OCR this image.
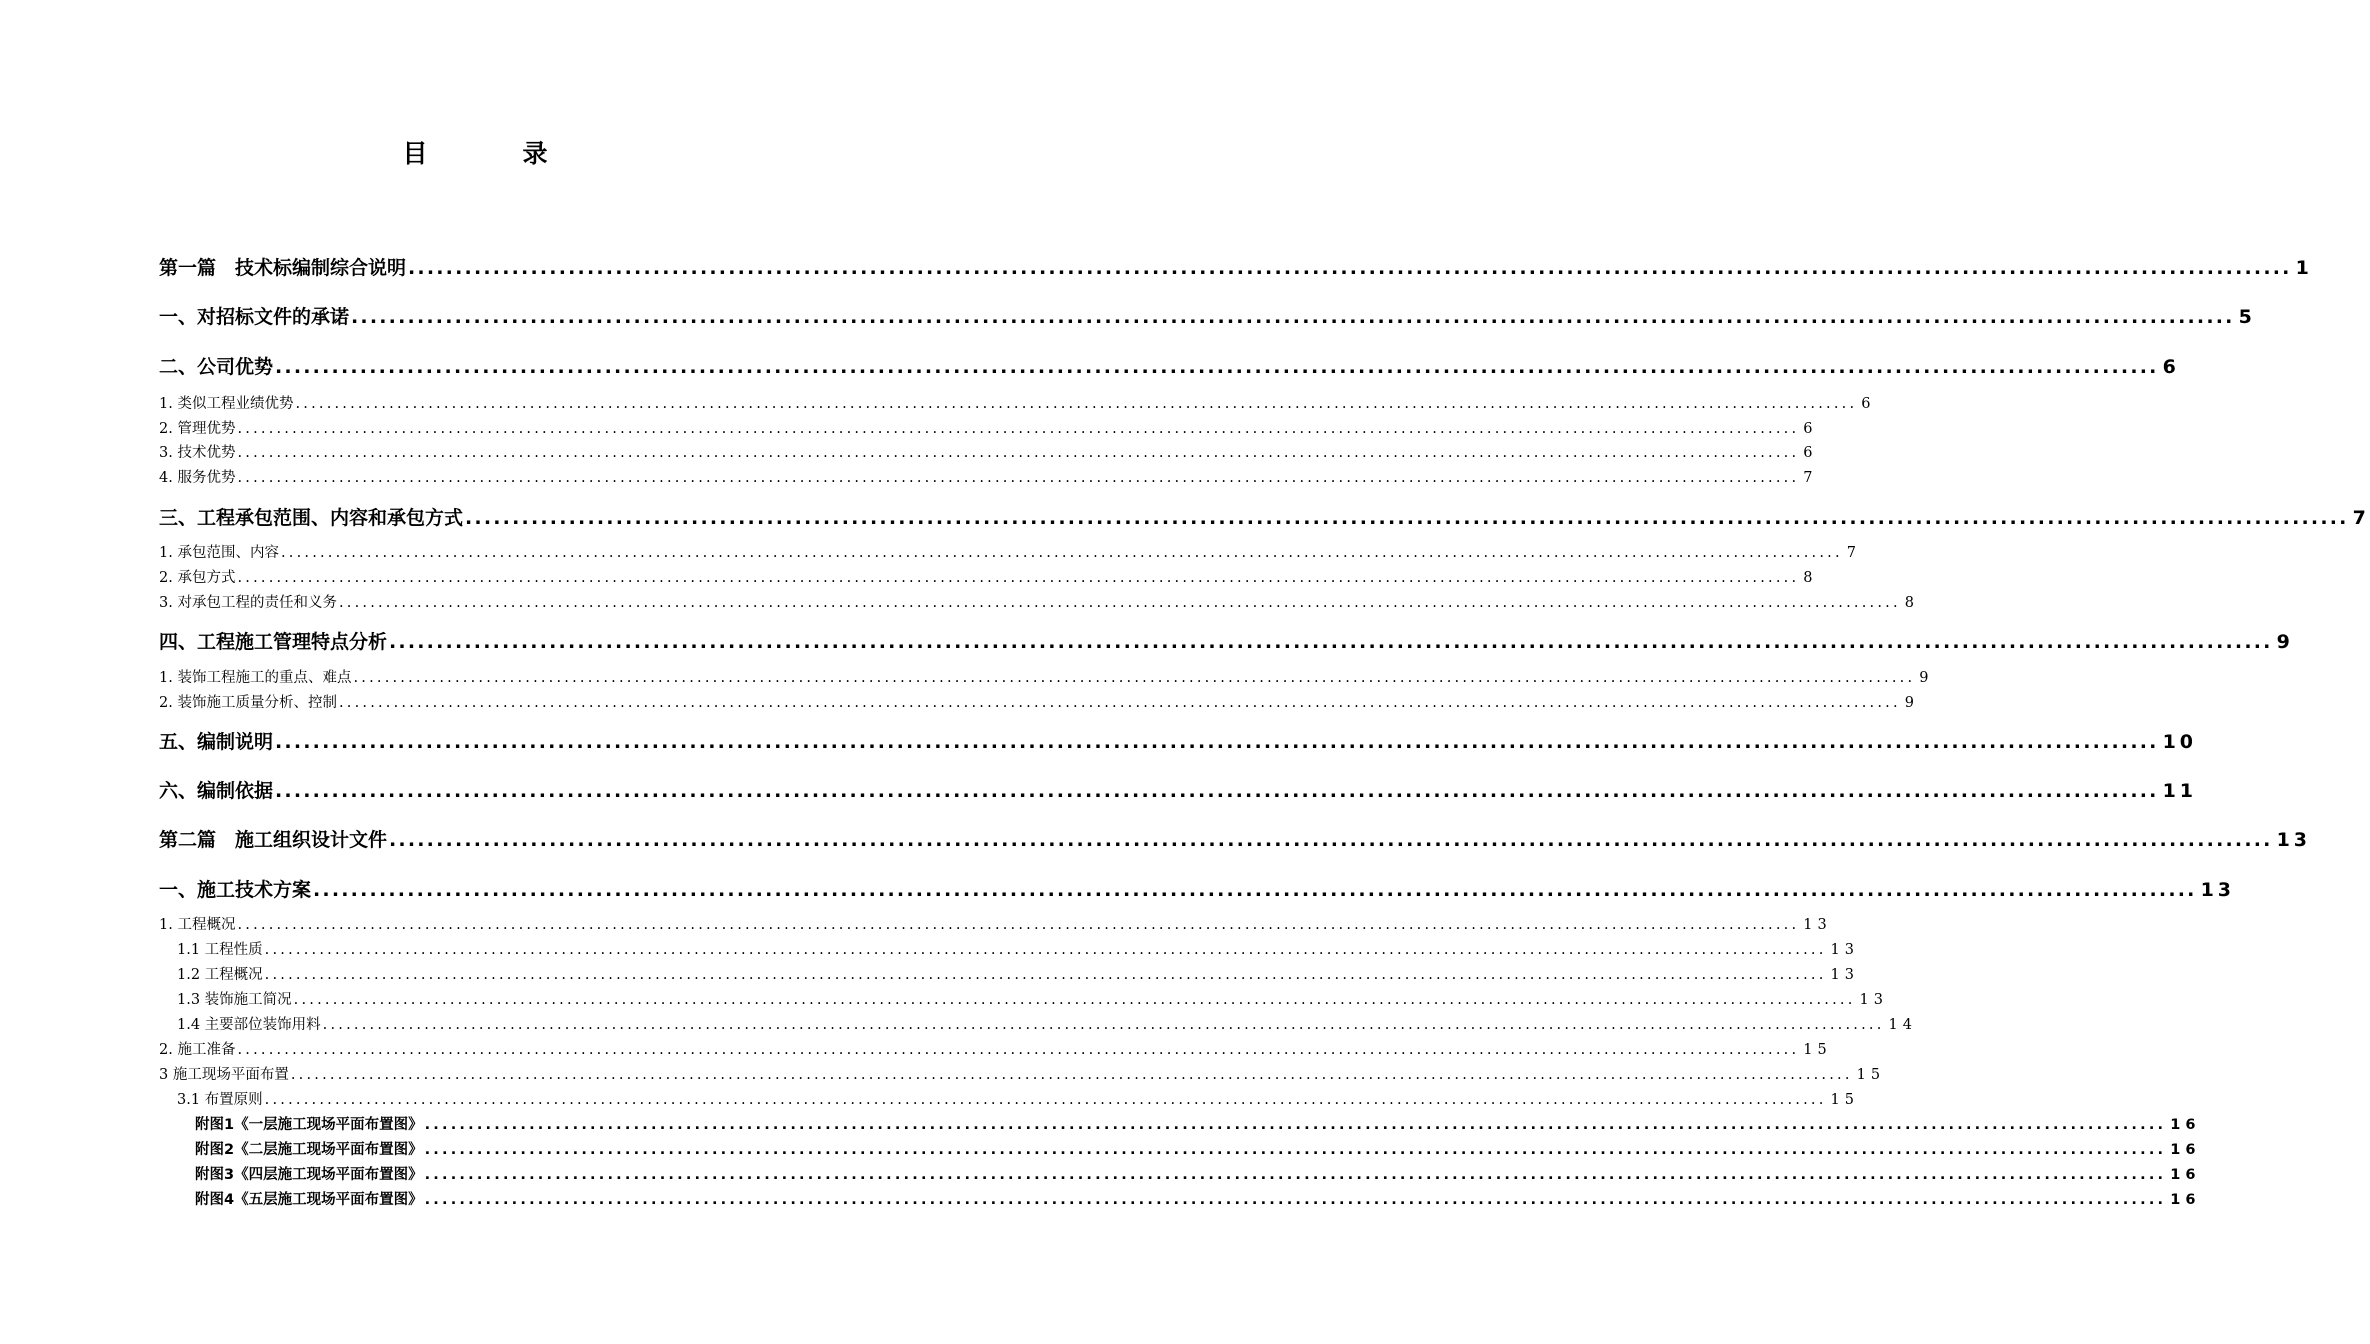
目	录
第一篇　技术标编制综合说明 ........................................................................................................................................................................................................ 1
一、对招标文件的承诺 ........................................................................................................................................................................................................ 5
二、公司优势 ........................................................................................................................................................................................................ 6
1. 类似工程业绩优势 ........................................................................................................................................................................................................ 6
2. 管理优势 ........................................................................................................................................................................................................ 6
3. 技术优势 ........................................................................................................................................................................................................ 6
4. 服务优势 ........................................................................................................................................................................................................ 7
三、工程承包范围、内容和承包方式 ........................................................................................................................................................................................................ 7
1. 承包范围、内容 ........................................................................................................................................................................................................ 7
2. 承包方式 ........................................................................................................................................................................................................ 8
3. 对承包工程的责任和义务 ........................................................................................................................................................................................................ 8
四、工程施工管理特点分析 ........................................................................................................................................................................................................ 9
1. 装饰工程施工的重点、难点 ........................................................................................................................................................................................................ 9
2. 装饰施工质量分析、控制 ........................................................................................................................................................................................................ 9
五、编制说明 ........................................................................................................................................................................................................ 10
六、编制依据 ........................................................................................................................................................................................................ 11
第二篇　施工组织设计文件 ........................................................................................................................................................................................................ 13
一、施工技术方案 ........................................................................................................................................................................................................ 13
1. 工程概况 ........................................................................................................................................................................................................ 13
1.1 工程性质 ........................................................................................................................................................................................................ 13
1.2 工程概况 ........................................................................................................................................................................................................ 13
1.3 装饰施工简况 ........................................................................................................................................................................................................ 13
1.4 主要部位装饰用料 ........................................................................................................................................................................................................ 14
2. 施工准备 ........................................................................................................................................................................................................ 15
3 施工现场平面布置 ........................................................................................................................................................................................................ 15
3.1 布置原则 ........................................................................................................................................................................................................ 15
附图1《一层施工现场平面布置图》 ........................................................................................................................................................................................................ 16
附图2《二层施工现场平面布置图》 ........................................................................................................................................................................................................ 16
附图3《四层施工现场平面布置图》 ........................................................................................................................................................................................................ 16
附图4《五层施工现场平面布置图》 ........................................................................................................................................................................................................ 16
